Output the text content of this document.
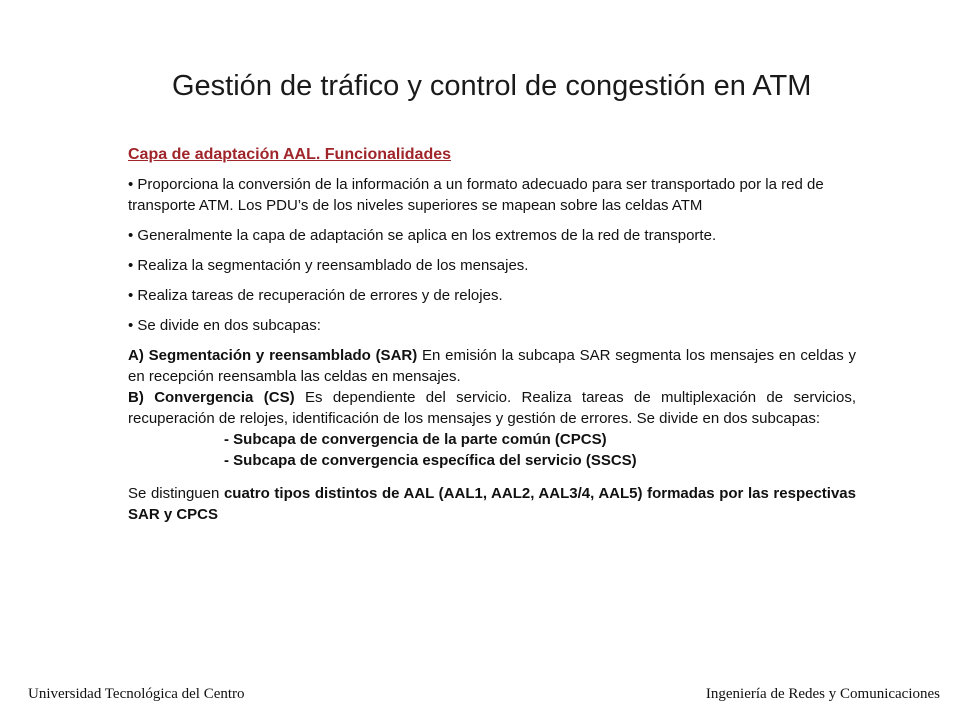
Gestión de tráfico y control de congestión en ATM
Capa de adaptación AAL. Funcionalidades

• Proporciona la conversión de la información a un formato adecuado para ser transportado por la red de transporte ATM. Los PDU’s de los niveles superiores se mapean sobre las celdas ATM

• Generalmente la capa de adaptación se aplica en los extremos de la red de transporte.

• Realiza la segmentación y reensamblado de los mensajes.

• Realiza tareas de recuperación de errores y de relojes.

• Se divide en dos subcapas:

A) Segmentación y reensamblado (SAR) En emisión la subcapa SAR segmenta los mensajes en celdas y en recepción reensambla las celdas en mensajes.

B) Convergencia (CS) Es dependiente del servicio. Realiza tareas de multiplexación de servicios, recuperación de relojes, identificación de los mensajes y gestión de errores. Se divide en dos subcapas:

- Subcapa de convergencia de la parte común (CPCS)

- Subcapa de convergencia específica del servicio (SSCS)

Se distinguen cuatro tipos distintos de AAL (AAL1, AAL2, AAL3/4, AAL5) formadas por las respectivas SAR y CPCS

Universidad Tecnológica del Centro	Ingeniería de Redes y Comunicaciones
